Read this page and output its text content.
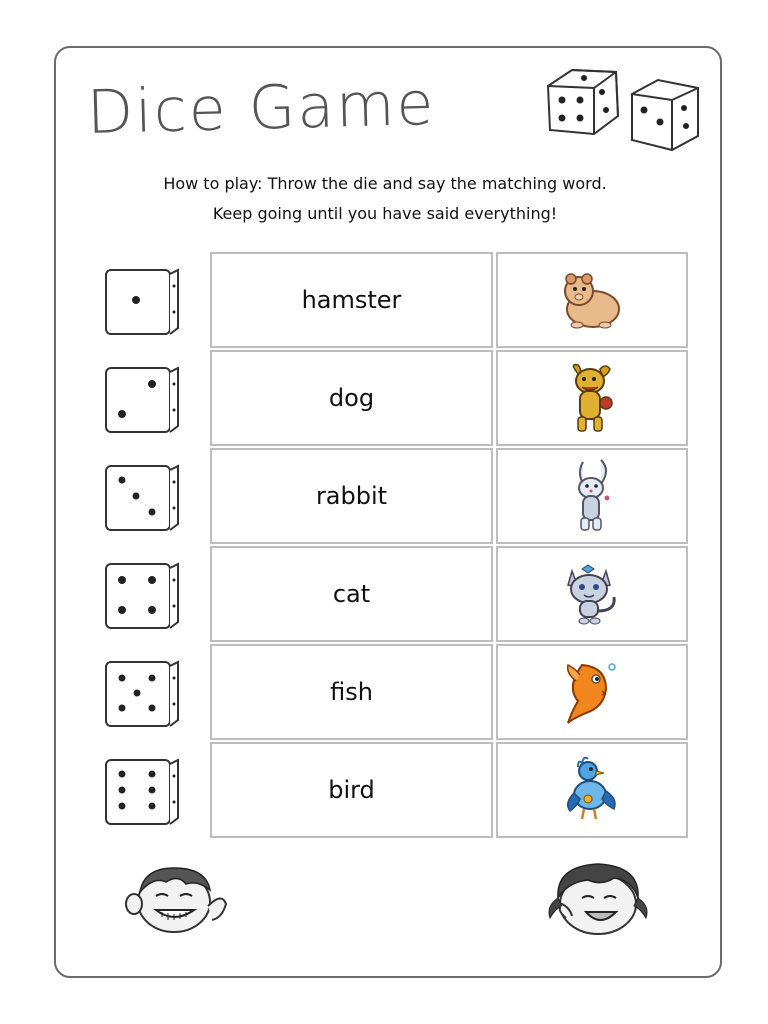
Dice Game
How to play: Throw the die and say the matching word.
Keep going until you have said everything!
hamster
dog
rabbit
cat
fish
bird
